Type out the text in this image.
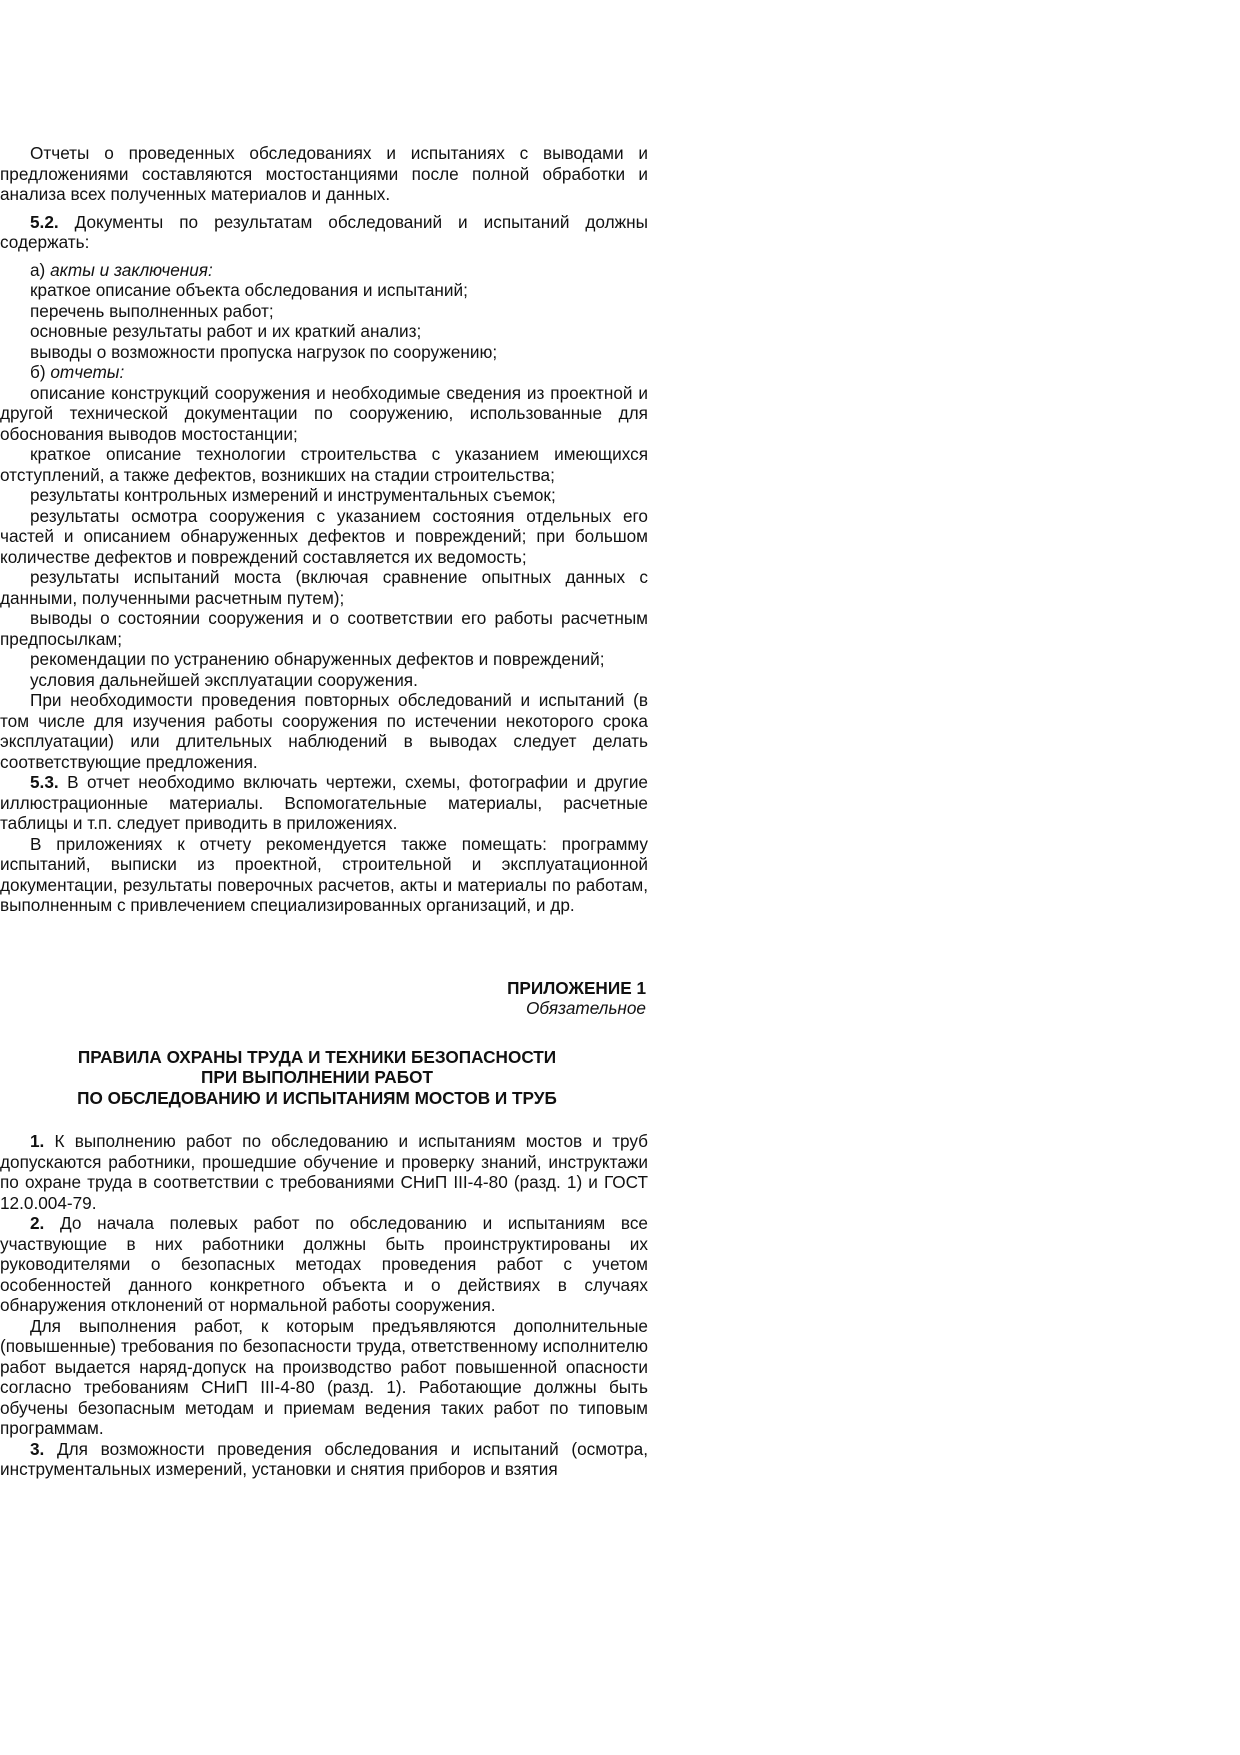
Отчеты о проведенных обследованиях и испытаниях с выводами и предложениями составляются мостостанциями после полной обработки и анализа всех полученных материалов и данных.

5.2. Документы по результатам обследований и испытаний должны содержать:

а) акты и заключения:

краткое описание объекта обследования и испытаний;

перечень выполненных работ;

основные результаты работ и их краткий анализ;

выводы о возможности пропуска нагрузок по сооружению;

б) отчеты:

описание конструкций сооружения и необходимые сведения из проектной и другой технической документации по сооружению, использованные для обоснования выводов мостостанции;

краткое описание технологии строительства с указанием имеющихся отступлений, а также дефектов, возникших на стадии строительства;

результаты контрольных измерений и инструментальных съемок;

результаты осмотра сооружения с указанием состояния отдельных его частей и описанием обнаруженных дефектов и повреждений; при большом количестве дефектов и повреждений составляется их ведомость;

результаты испытаний моста (включая сравнение опытных данных с данными, полученными расчетным путем);

выводы о состоянии сооружения и о соответствии его работы расчетным предпосылкам;

рекомендации по устранению обнаруженных дефектов и повреждений;

условия дальнейшей эксплуатации сооружения.

При необходимости проведения повторных обследований и испытаний (в том числе для изучения работы сооружения по истечении некоторого срока эксплуатации) или длительных наблюдений в выводах следует делать соответствующие предложения.

5.3. В отчет необходимо включать чертежи, схемы, фотографии и другие иллюстрационные материалы. Вспомогательные материалы, расчетные таблицы и т.п. следует приводить в приложениях.

В приложениях к отчету рекомендуется также помещать: программу испытаний, выписки из проектной, строительной и эксплуатационной документации, результаты поверочных расчетов, акты и материалы по работам, выполненным с привлечением специализированных организаций, и др.

ПРИЛОЖЕНИЕ 1

Обязательное

ПРАВИЛА ОХРАНЫ ТРУДА И ТЕХНИКИ БЕЗОПАСНОСТИ

ПРИ ВЫПОЛНЕНИИ РАБОТ

ПО ОБСЛЕДОВАНИЮ И ИСПЫТАНИЯМ МОСТОВ И ТРУБ

1. К выполнению работ по обследованию и испытаниям мостов и труб допускаются работники, прошедшие обучение и проверку знаний, инструктажи по охране труда в соответствии с требованиями СНиП III-4-80 (разд. 1) и ГОСТ 12.0.004-79.

2. До начала полевых работ по обследованию и испытаниям все участвующие в них работники должны быть проинструктированы их руководителями о безопасных методах проведения работ с учетом особенностей данного конкретного объекта и о действиях в случаях обнаружения отклонений от нормальной работы сооружения.

Для выполнения работ, к которым предъявляются дополнительные (повышенные) требования по безопасности труда, ответственному исполнителю работ выдается наряд-допуск на производство работ повышенной опасности согласно требованиям СНиП III-4-80 (разд. 1). Работающие должны быть обучены безопасным методам и приемам ведения таких работ по типовым программам.

3. Для возможности проведения обследования и испытаний (осмотра, инструментальных измерений, установки и снятия приборов и взятия
